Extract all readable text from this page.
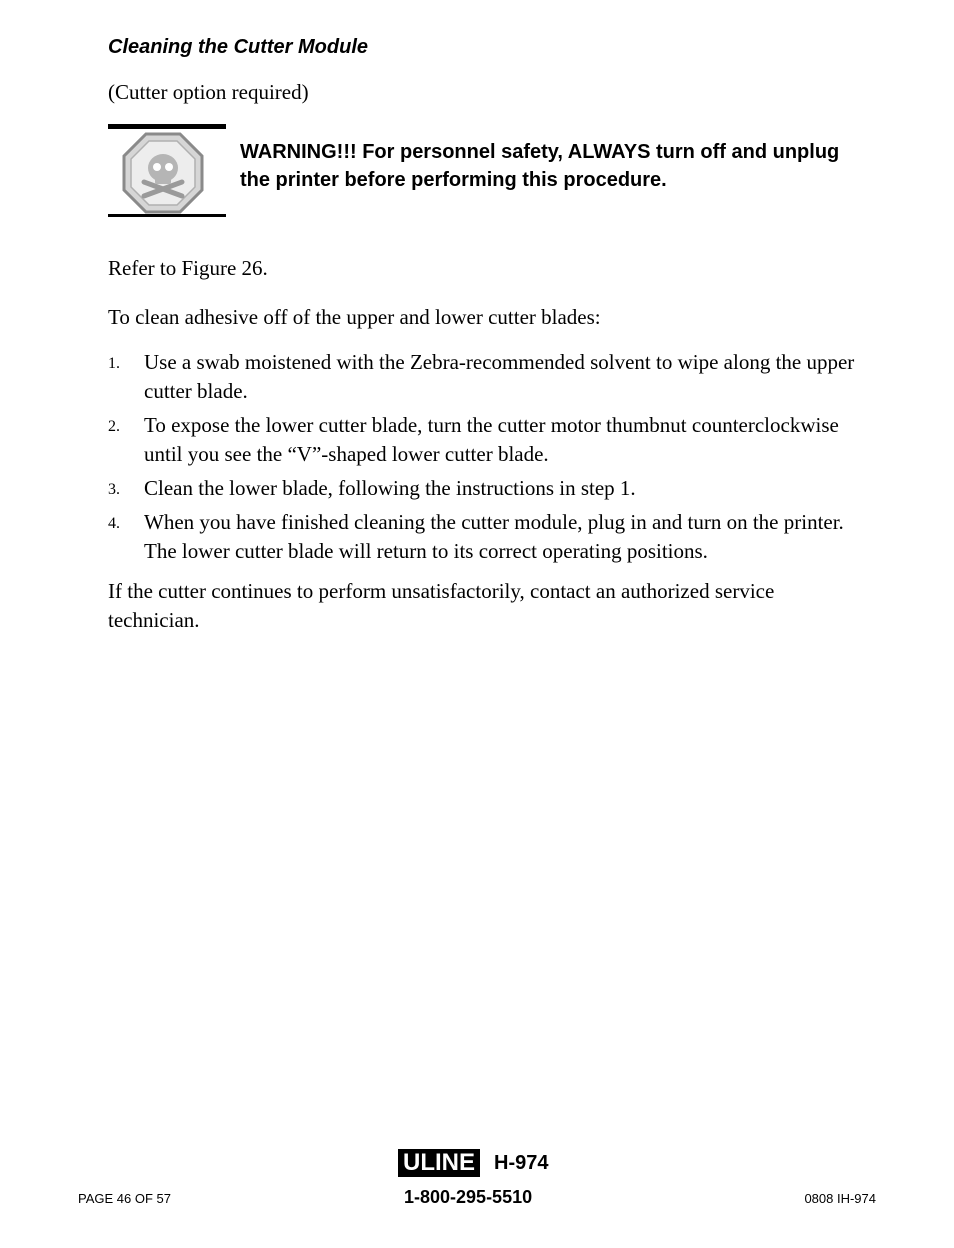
Cleaning the Cutter Module

(Cutter option required)

WARNING!!! For personnel safety, ALWAYS turn off and unplug the printer before performing this procedure.

Refer to Figure 26.

To clean adhesive off of the upper and lower cutter blades:

1. Use a swab moistened with the Zebra-recommended solvent to wipe along the upper cutter blade.
2. To expose the lower cutter blade, turn the cutter motor thumbnut counterclockwise until you see the “V”-shaped lower cutter blade.
3. Clean the lower blade, following the instructions in step 1.
4. When you have finished cleaning the cutter module, plug in and turn on the printer. The lower cutter blade will return to its correct operating positions.

If the cutter continues to perform unsatisfactorily, contact an authorized service technician.

ULINE H-974
1-800-295-5510
PAGE 46 OF 57	0808 IH-974
